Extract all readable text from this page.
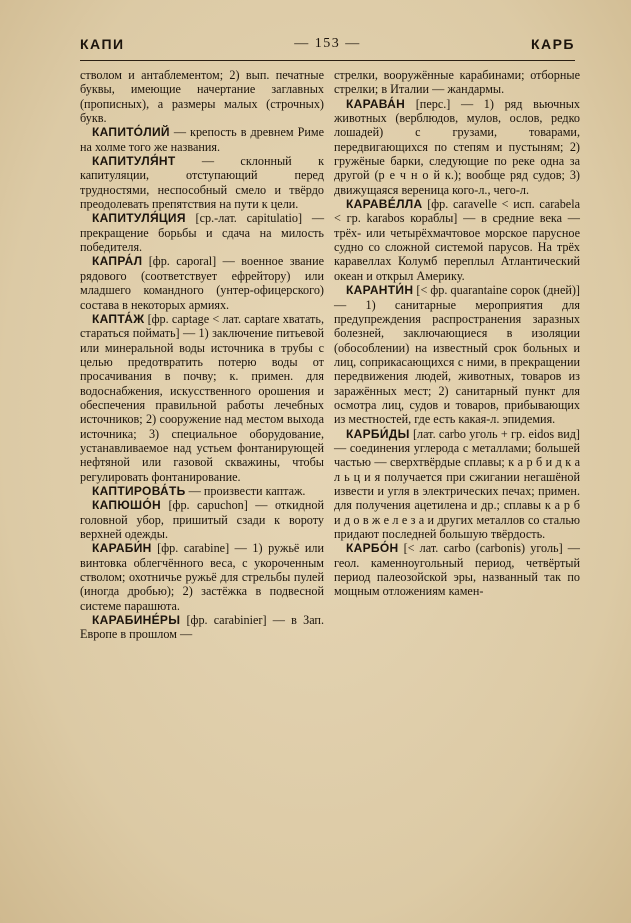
КАПИ	— 153 —	КАРБ

стволом и антаблементом; 2) вып. печатные буквы, имеющие начертание заглавных (прописных), а размеры малых (строчных) букв.

КАПИТО́ЛИЙ — крепость в древнем Риме на холме того же названия.

КАПИТУЛЯ́НТ — склонный к капитуляции, отступающий перед трудностями, неспособный смело и твёрдо преодолевать препятствия на пути к цели.

КАПИТУЛЯ́ЦИЯ [ср.-лат. capitulatio] — прекращение борьбы и сдача на милость победителя.

КАПРА́Л [фр. caporal] — военное звание рядового (соответствует ефрейтору) или младшего командного (унтер-офицерского) состава в некоторых армиях.

КАПТА́Ж [фр. captage < лат. captare хватать, стараться поймать] — 1) заключение питьевой или минеральной воды источника в трубы с целью предотвратить потерю воды от просачивания в почву; к. примен. для водоснабжения, искусственного орошения и обеспечения правильной работы лечебных источников; 2) сооружение над местом выхода источника; 3) специальное оборудование, устанавливаемое над устьем фонтанирующей нефтяной или газовой скважины, чтобы регулировать фонтанирование.

КАПТИРОВА́ТЬ — произвести каптаж.

КАПЮШО́Н [фр. capuchon] — откидной головной убор, пришитый сзади к вороту верхней одежды.

КАРАБИ́Н [фр. carabine] — 1) ружьё или винтовка облегчённого веса, с укороченным стволом; охотничье ружьё для стрельбы пулей (иногда дробью); 2) застёжка в подвесной системе парашюта.

КАРАБИНЕ́РЫ [фр. carabinier] — в Зап. Европе в прошлом —

стрелки, вооружённые карабинами; отборные стрелки; в Италии — жандармы.

КАРАВА́Н [перс.] — 1) ряд вьючных животных (верблюдов, мулов, ослов, редко лошадей) с грузами, товарами, передвигающихся по степям и пустыням; 2) гружёные барки, следующие по реке одна за другой (р е ч н о й к.); вообще ряд судов; 3) движущаяся вереница кого-л., чего-л.

КАРАВЕ́ЛЛА [фр. caravelle < исп. carabela < гр. karabos кораблы] — в средние века — трёх- или четырёхмачтовое морское парусное судно со сложной системой парусов. На трёх каравеллах Колумб переплыл Атлантический океан и открыл Америку.

КАРАНТИ́Н [< фр. quarantaine сорок (дней)] — 1) санитарные мероприятия для предупреждения распространения заразных болезней, заключающиеся в изоляции (обособлении) на известный срок больных и лиц, соприкасающихся с ними, в прекращении передвижения людей, животных, товаров из заражённых мест; 2) санитарный пункт для осмотра лиц, судов и товаров, прибывающих из местностей, где есть какая-л. эпидемия.

КАРБИ́ДЫ [лат. carbo уголь + гр. eidos вид] — соединения углерода с металлами; большей частью — сверхтвёрдые сплавы; к а р б и д к а л ь ц и я получается при сжигании негашёной извести и угля в электрических печах; примен. для получения ацетилена и др.; сплавы к а р б и д о в ж е л е з а и других металлов со сталью придают последней большую твёрдость.

КАРБО́Н [< лат. carbo (carbonis) уголь] — геол. каменноугольный период, четвёртый период палеозойской эры, названный так по мощным отложениям камен-
